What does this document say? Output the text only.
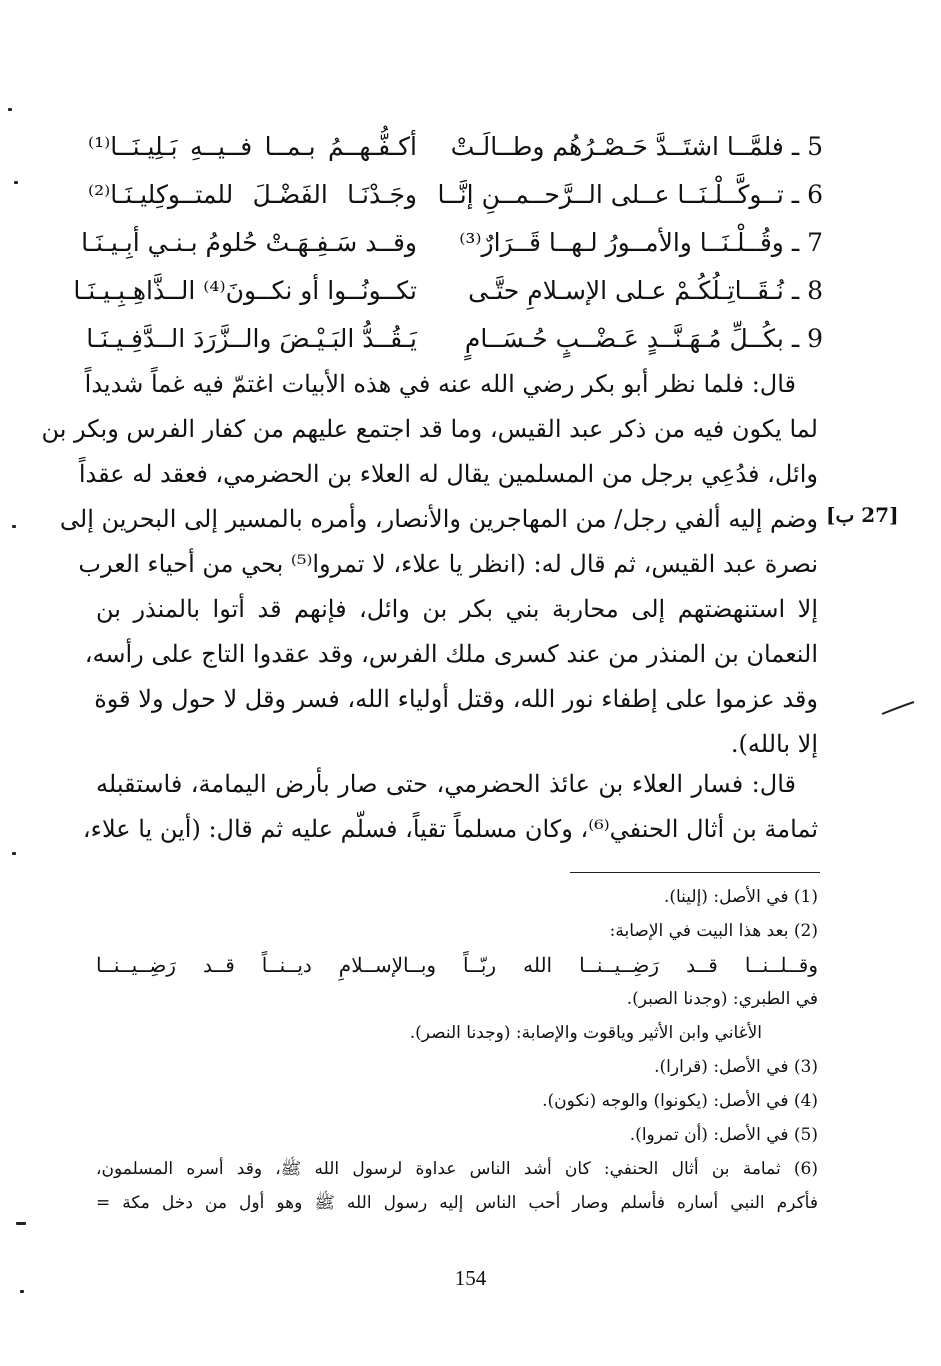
5 ـ فلمَّــا اشتَــدَّ حَـصْـرُهُم وطــالَـتْ
أكـفُّـهــمُ بـمــا فــيــهِ بَـلِيـنَــا⁽¹⁾
6 ـ تــوكَّــلْـنَــا عــلى الــرَّحــمــنِ إنَّــا
وجَـدْنَـا الفَضْـلَ للمتــوكِليـنَـا⁽²⁾
7 ـ وقُــلْـنَــا والأمــورُ لـهــا قَــرَارٌ⁽³⁾
وقــد سَـفِـهَـتْ حُلومُ بـنـي أبِـيـنَـا
8 ـ نُـقَــاتِـلُكُـمْ عـلى الإسـلامِ حتَّـى
تكــونُــوا أو نكــونَ⁽⁴⁾ الــذَّاهِـبِـيـنَـا
9 ـ بكُــلِّ مُـهَـنَّــدٍ عَـضْــبٍ حُـسَــامٍ
يَـقُــدُّ البَـيْـضَ والــزَّرَدَ الــدَّفِـيـنَـا
قال: فلما نظر أبو بكر رضي الله عنه في هذه الأبيات اغتمّ فيه غماً شديداً
لما يكون فيه من ذكر عبد القيس، وما قد اجتمع عليهم من كفار الفرس وبكر بن
وائل، فدُعِي برجل من المسلمين يقال له العلاء بن الحضرمي، فعقد له عقداً
وضم إليه ألفي رجل/ من المهاجرين والأنصار، وأمره بالمسير إلى البحرين إلى
نصرة عبد القيس، ثم قال له: (انظر يا علاء، لا تمروا⁽⁵⁾ بحي من أحياء العرب
إلا استنهضتهم إلى محاربة بني بكر بن وائل، فإنهم قد أتوا بالمنذر بن
النعمان بن المنذر من عند كسرى ملك الفرس، وقد عقدوا التاج على رأسه،
وقد عزموا على إطفاء نور الله، وقتل أولياء الله، فسر وقل لا حول ولا قوة
إلا بالله).
[27 ب]
قال: فسار العلاء بن عائذ الحضرمي، حتى صار بأرض اليمامة، فاستقبله
ثمامة بن أثال الحنفي⁽⁶⁾، وكان مسلماً تقياً، فسلّم عليه ثم قال: (أين يا علاء،
(1) في الأصل: (إلينا).
(2) بعد هذا البيت في الإصابة:
وقــلــنــا قــد رَضِــيــنــا الله ربّــاً وبــالإســلامِ ديــنــاً قــد رَضِــيــنــا
في الطبري: (وجدنا الصبر).
الأغاني وابن الأثير وياقوت والإصابة: (وجدنا النصر).
(3) في الأصل: (قرارا).
(4) في الأصل: (يكونوا) والوجه (نكون).
(5) في الأصل: (أن تمروا).
(6) ثمامة بن أثال الحنفي: كان أشد الناس عداوة لرسول الله ﷺ، وقد أسره المسلمون،
فأكرم النبي أساره فأسلم وصار أحب الناس إليه رسول الله ﷺ وهو أول من دخل مكة =
154
